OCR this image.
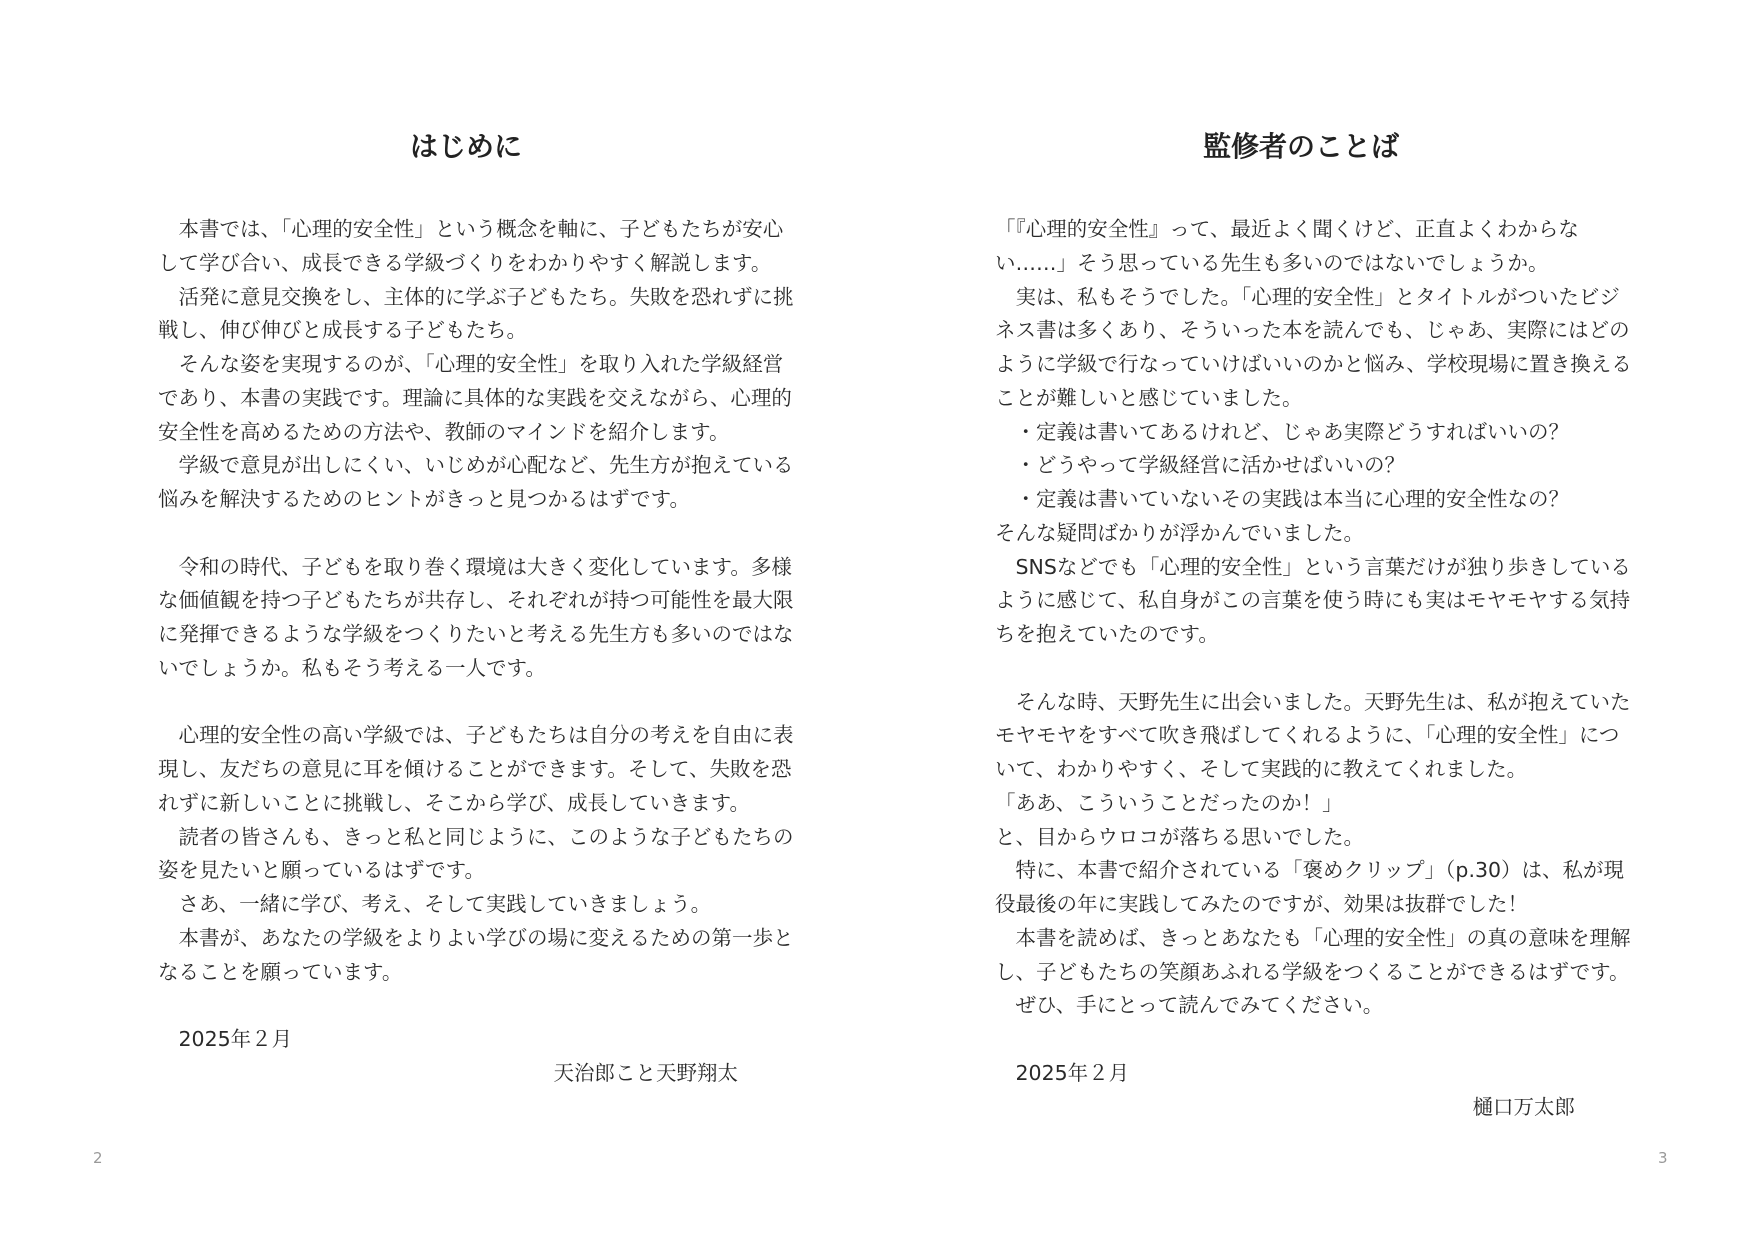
はじめに
　本書では、「心理的安全性」という概念を軸に、子どもたちが安心
して学び合い、成長できる学級づくりをわかりやすく解説します。
　活発に意見交換をし、主体的に学ぶ子どもたち。失敗を恐れずに挑
戦し、伸び伸びと成長する子どもたち。
　そんな姿を実現するのが、「心理的安全性」を取り入れた学級経営
であり、本書の実践です。理論に具体的な実践を交えながら、心理的
安全性を高めるための方法や、教師のマインドを紹介します。
　学級で意見が出しにくい、いじめが心配など、先生方が抱えている
悩みを解決するためのヒントがきっと見つかるはずです。
　令和の時代、子どもを取り巻く環境は大きく変化しています。多様
な価値観を持つ子どもたちが共存し、それぞれが持つ可能性を最大限
に発揮できるような学級をつくりたいと考える先生方も多いのではな
いでしょうか。私もそう考える一人です。
　心理的安全性の高い学級では、子どもたちは自分の考えを自由に表
現し、友だちの意見に耳を傾けることができます。そして、失敗を恐
れずに新しいことに挑戦し、そこから学び、成長していきます。
　読者の皆さんも、きっと私と同じように、このような子どもたちの
姿を見たいと願っているはずです。
　さあ、一緒に学び、考え、そして実践していきましょう。
　本書が、あなたの学級をよりよい学びの場に変えるための第一歩と
なることを願っています。
　2025年２月
天治郎こと天野翔太
2
監修者のことば
「『心理的安全性』って、最近よく聞くけど、正直よくわからな
い……」そう思っている先生も多いのではないでしょうか。
　実は、私もそうでした。「心理的安全性」とタイトルがついたビジ
ネス書は多くあり、そういった本を読んでも、じゃあ、実際にはどの
ように学級で行なっていけばいいのかと悩み、学校現場に置き換える
ことが難しいと感じていました。
　・定義は書いてあるけれど、じゃあ実際どうすればいいの？
　・どうやって学級経営に活かせばいいの？
　・定義は書いていないその実践は本当に心理的安全性なの？
そんな疑問ばかりが浮かんでいました。
　SNSなどでも「心理的安全性」という言葉だけが独り歩きしている
ように感じて、私自身がこの言葉を使う時にも実はモヤモヤする気持
ちを抱えていたのです。
　そんな時、天野先生に出会いました。天野先生は、私が抱えていた
モヤモヤをすべて吹き飛ばしてくれるように、「心理的安全性」につ
いて、わかりやすく、そして実践的に教えてくれました。
「ああ、こういうことだったのか！」
と、目からウロコが落ちる思いでした。
　特に、本書で紹介されている「褒めクリップ」（p.30）は、私が現
役最後の年に実践してみたのですが、効果は抜群でした！
　本書を読めば、きっとあなたも「心理的安全性」の真の意味を理解
し、子どもたちの笑顔あふれる学級をつくることができるはずです。
　ぜひ、手にとって読んでみてください。
　2025年２月
樋口万太郎
3
